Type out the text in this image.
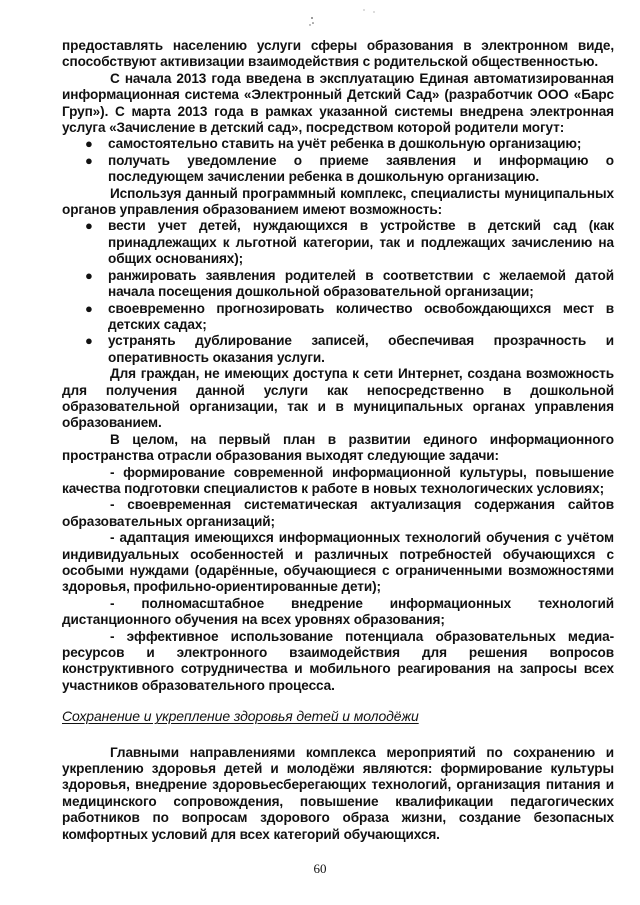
предоставлять населению услуги сферы образования в электронном виде, способствуют активизации взаимодействия с родительской общественностью.

С начала 2013 года введена в эксплуатацию Единая автоматизированная информационная система «Электронный Детский Сад» (разработчик ООО «Барс Груп»). С марта 2013 года в рамках указанной системы внедрена электронная услуга «Зачисление в детский сад», посредством которой родители могут:

● самостоятельно ставить на учёт ребенка в дошкольную организацию;
● получать уведомление о приеме заявления и информацию о последующем зачислении ребенка в дошкольную организацию.

Используя данный программный комплекс, специалисты муниципальных органов управления образованием имеют возможность:

● вести учет детей, нуждающихся в устройстве в детский сад (как принадлежащих к льготной категории, так и подлежащих зачислению на общих основаниях);
● ранжировать заявления родителей в соответствии с желаемой датой начала посещения дошкольной образовательной организации;
● своевременно прогнозировать количество освобождающихся мест в детских садах;
● устранять дублирование записей, обеспечивая прозрачность и оперативность оказания услуги.

Для граждан, не имеющих доступа к сети Интернет, создана возможность для получения данной услуги как непосредственно в дошкольной образовательной организации, так и в муниципальных органах управления образованием.

В целом, на первый план в развитии единого информационного пространства отрасли образования выходят следующие задачи:

- формирование современной информационной культуры, повышение качества подготовки специалистов к работе в новых технологических условиях;

- своевременная систематическая актуализация содержания сайтов образовательных организаций;

- адаптация имеющихся информационных технологий обучения с учётом индивидуальных особенностей и различных потребностей обучающихся с особыми нуждами (одарённые, обучающиеся с ограниченными возможностями здоровья, профильно-ориентированные дети);

- полномасштабное внедрение информационных технологий дистанционного обучения на всех уровнях образования;

- эффективное использование потенциала образовательных медиа-ресурсов и электронного взаимодействия для решения вопросов конструктивного сотрудничества и мобильного реагирования на запросы всех участников образовательного процесса.

Сохранение и укрепление здоровья детей и молодёжи

Главными направлениями комплекса мероприятий по сохранению и укреплению здоровья детей и молодёжи являются: формирование культуры здоровья, внедрение здоровьесберегающих технологий, организация питания и медицинского сопровождения, повышение квалификации педагогических работников по вопросам здорового образа жизни, создание безопасных комфортных условий для всех категорий обучающихся.

60
